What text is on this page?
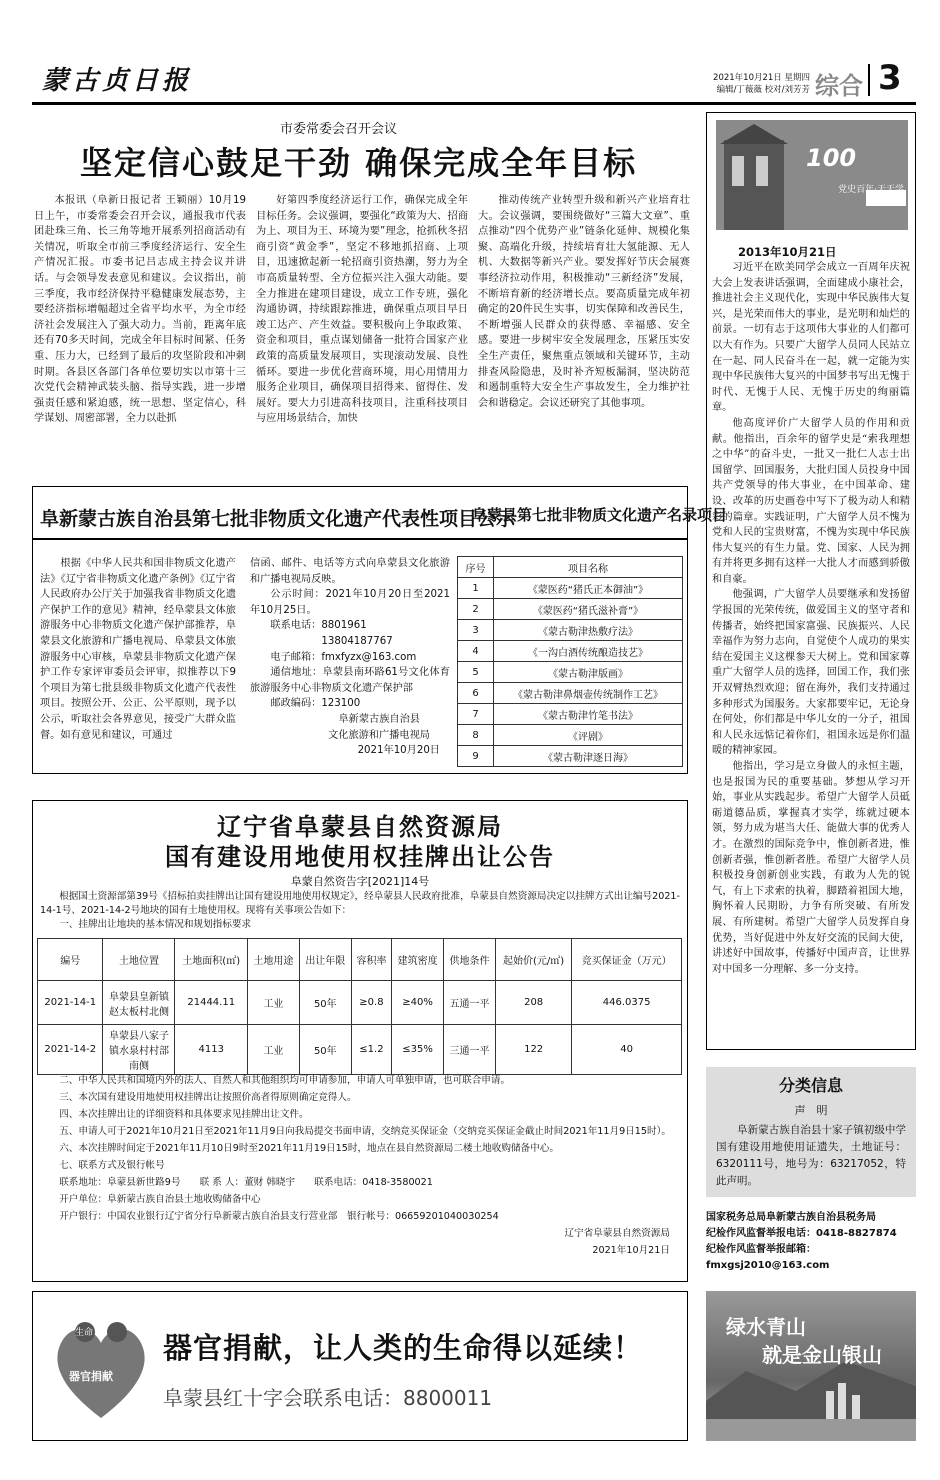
蒙古贞日报	2021年10月21日 星期四
编辑/丁薇薇 校对/刘芳芳 综合 3
市委常委会召开会议
坚定信心鼓足干劲 确保完成全年目标

本报讯（阜新日报记者 王颖丽）10月19日上午，市委常委会召开会议，通报我市代表团赴珠三角、长三角等地开展系列招商活动有关情况，听取全市前三季度经济运行、安全生产情况汇报。市委书记吕志成主持会议并讲话。与会领导发表意见和建议。会议指出，前三季度，我市经济保持平稳健康发展态势，主要经济指标增幅超过全省平均水平，为全市经济社会发展注入了强大动力。当前，距离年底还有70多天时间，完成全年目标时间紧、任务重、压力大，已经到了最后的攻坚阶段和冲刺时期。各县区各部门各单位要切实以市第十三次党代会精神武装头脑、指导实践，进一步增强责任感和紧迫感，统一思想、坚定信心，科学谋划、周密部署，全力以赴抓

好第四季度经济运行工作，确保完成全年目标任务。会议强调，要强化“政策为大、招商为上、项目为王、环境为要”理念，抢抓秋冬招商引资“黄金季”，坚定不移地抓招商、上项目，迅速掀起新一轮招商引资热潮，努力为全市高质量转型、全方位振兴注入强大动能。要全力推进在建项目建设，成立工作专班，强化沟通协调，持续跟踪推进，确保重点项目早日竣工达产、产生效益。要积极向上争取政策、资金和项目，重点谋划储备一批符合国家产业政策的高质量发展项目，实现滚动发展、良性循环。要进一步优化营商环境，用心用情用力服务企业项目，确保项目招得来、留得住、发展好。要大力引进高科技项目，注重科技项目与应用场景结合，加快

推动传统产业转型升级和新兴产业培育壮大。会议强调，要围绕做好“三篇大文章”、重点推动“四个优势产业”链条化延伸、规模化集聚、高端化升级，持续培育壮大氢能源、无人机、大数据等新兴产业。要发挥好节庆会展赛事经济拉动作用，积极推动“三新经济”发展，不断培育新的经济增长点。要高质量完成年初确定的20件民生实事，切实保障和改善民生，不断增强人民群众的获得感、幸福感、安全感。要进一步树牢安全发展理念，压紧压实安全生产责任，聚焦重点领域和关键环节，主动排查风险隐患，及时补齐短板漏洞，坚决防范和遏制重特大安全生产事故发生，全力维护社会和谐稳定。会议还研究了其他事项。

阜新蒙古族自治县第七批非物质文化遗产代表性项目公示
阜蒙县第七批非物质文化遗产名录项目

根据《中华人民共和国非物质文化遗产法》《辽宁省非物质文化遗产条例》《辽宁省人民政府办公厅关于加强我省非物质文化遗产保护工作的意见》精神，经阜蒙县文体旅游服务中心非物质文化遗产保护部推荐，阜蒙县文化旅游和广播电视局、阜蒙县文体旅游服务中心审核，阜蒙县非物质文化遗产保护工作专家评审委员会评审，拟推荐以下9个项目为第七批县级非物质文化遗产代表性项目。按照公开、公正、公平原则，现予以公示，听取社会各界意见，接受广大群众监督。如有意见和建议，可通过

信函、邮件、电话等方式向阜蒙县文化旅游和广播电视局反映。
公示时间：2021年10月20日至2021年10月25日。
联系电话：8801961
13804187767
电子邮箱：fmxfyzx@163.com
通信地址：阜蒙县南环路61号文化体育旅游服务中心非物质文化遗产保护部
邮政编码：123100
阜新蒙古族自治县
文化旅游和广播电视局
2021年10月20日
序号	项目名称
1	《蒙医药“猪氏正本御油”》
2	《蒙医药“猪氏滋补膏”》
3	《蒙古勒津热敷疗法》
4	《一沟白酒传统酿造技艺》
5	《蒙古勒津版画》
6	《蒙古勒津鼻烟壶传统制作工艺》
7	《蒙古勒津竹笔书法》
8	《评剧》
9	《蒙古勒津逐日海》
辽宁省阜蒙县自然资源局
国有建设用地使用权挂牌出让公告
阜蒙自然资告字[2021]14号

根据国土资源部第39号《招标拍卖挂牌出让国有建设用地使用权规定》，经阜蒙县人民政府批准，阜蒙县自然资源局决定以挂牌方式出让编号2021-14-1号、2021-14-2号地块的国有土地使用权。现将有关事项公告如下：

一、挂牌出让地块的基本情况和规划指标要求
编号	土地位置	土地面积(㎡)	土地用途	出让年限	容积率	建筑密度	供地条件	起始价(元/㎡)	竞买保证金（万元）
2021-14-1	阜蒙县皇新镇赵太板村北侧	21444.11	工业	50年	≥0.8	≥40%	五通一平	208	446.0375
2021-14-2	阜蒙县八家子镇水泉村村部南侧	4113	工业	50年	≤1.2	≤35%	三通一平	122	40
二、中华人民共和国境内外的法人、自然人和其他组织均可申请参加，申请人可单独申请，也可联合申请。
三、本次国有建设用地使用权挂牌出让按照价高者得原则确定竞得人。
四、本次挂牌出让的详细资料和具体要求见挂牌出让文件。
五、申请人可于2021年10月21日至2021年11月9日向我局提交书面申请，交纳竞买保证金（交纳竞买保证金截止时间2021年11月9日15时）。
六、本次挂牌时间定于2021年11月10日9时至2021年11月19日15时，地点在县自然资源局二楼土地收购储备中心。
七、联系方式及银行帐号
联系地址：阜蒙县新世路9号　　联 系 人：董财 韩晓宇　　联系电话：0418-3580021
开户单位：阜新蒙古族自治县土地收购储备中心
开户银行：中国农业银行辽宁省分行阜新蒙古族自治县支行营业部　银行帐号：06659201040030254
辽宁省阜蒙县自然资源局
2021年10月21日
100
党史百年·天天学
2013年10月21日

习近平在欧美同学会成立一百周年庆祝大会上发表讲话强调，全面建成小康社会，推进社会主义现代化，实现中华民族伟大复兴，是光荣而伟大的事业，是光明和灿烂的前景。一切有志于这项伟大事业的人们都可以大有作为。只要广大留学人员同人民站立在一起、同人民奋斗在一起，就一定能为实现中华民族伟大复兴的中国梦书写出无愧于时代、无愧于人民、无愧于历史的绚丽篇章。

他高度评价广大留学人员的作用和贡献。他指出，百余年的留学史是“索我理想之中华”的奋斗史，一批又一批仁人志士出国留学、回国服务，大批归国人员投身中国共产党领导的伟大事业，在中国革命、建设、改革的历史画卷中写下了极为动人和精彩的篇章。实践证明，广大留学人员不愧为党和人民的宝贵财富，不愧为实现中华民族伟大复兴的有生力量。党、国家、人民为拥有并将更多拥有这样一大批人才而感到骄傲和自豪。

他强调，广大留学人员要继承和发扬留学报国的光荣传统，做爱国主义的坚守者和传播者，始终把国家富强、民族振兴、人民幸福作为努力志向，自觉使个人成功的果实结在爱国主义这棵参天大树上。党和国家尊重广大留学人员的选择，回国工作，我们张开双臂热烈欢迎；留在海外，我们支持通过多种形式为国服务。大家都要牢记，无论身在何处，你们都是中华儿女的一分子，祖国和人民永远惦记着你们，祖国永远是你们温暖的精神家园。

他指出，学习是立身做人的永恒主题，也是报国为民的重要基础。梦想从学习开始，事业从实践起步。希望广大留学人员砥砺道德品质，掌握真才实学，练就过硬本领，努力成为堪当大任、能做大事的优秀人才。在激烈的国际竞争中，惟创新者进，惟创新者强，惟创新者胜。希望广大留学人员积极投身创新创业实践，有敢为人先的锐气，有上下求索的执着，脚踏着祖国大地，胸怀着人民期盼，力争有所突破、有所发展、有所建树。希望广大留学人员发挥自身优势，当好促进中外友好交流的民间大使，讲述好中国故事，传播好中国声音，让世界对中国多一分理解、多一分支持。

分类信息
声　明
阜新蒙古族自治县十家子镇初级中学国有建设用地使用证遗失，土地证号：6320111号，地号为：63217052，特此声明。
国家税务总局阜新蒙古族自治县税务局
纪检作风监督举报电话：0418-8827874
纪检作风监督举报邮箱：fmxgsj2010@163.com
绿水青山
就是金山银山
生命
器官捐献
器官捐献，让人类的生命得以延续！
阜蒙县红十字会联系电话：8800011
